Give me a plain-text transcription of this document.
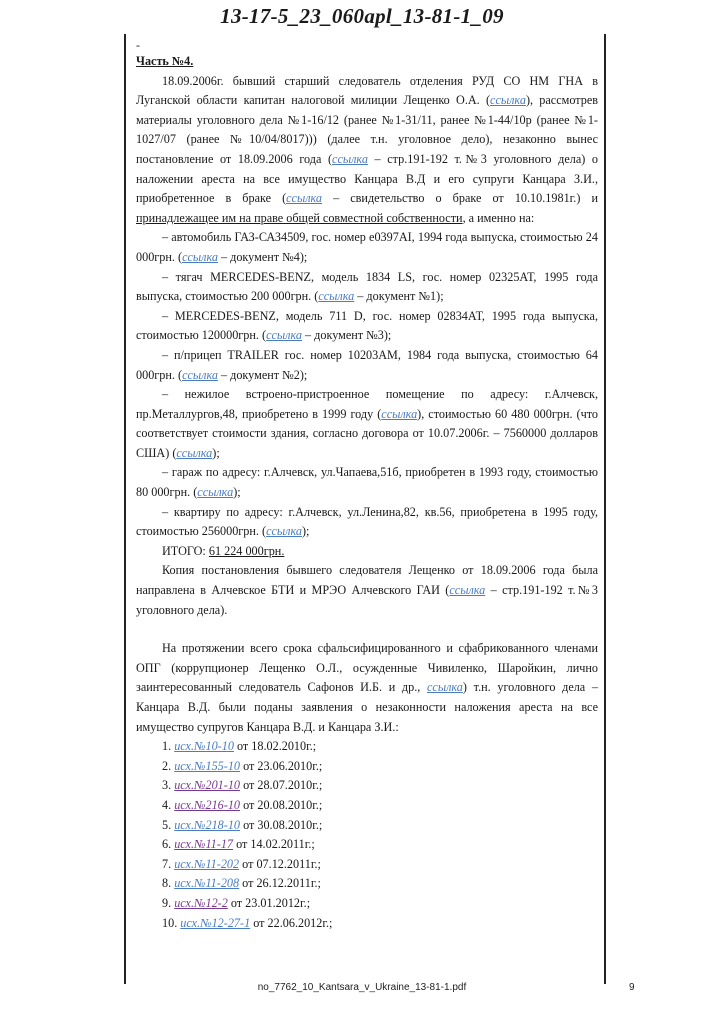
13-17-5_23_060apl_13-81-1_09
-

Часть №4.

18.09.2006г. бывший старший следователь отделения РУД СО НМ ГНА в Луганской области капитан налоговой милиции Лещенко О.А. (ссылка), рассмотрев материалы уголовного дела №1-16/12 (ранее №1-31/11, ранее №1-44/10р (ранее №1-1027/07 (ранее №10/04/8017))) (далее т.н. уголовное дело), незаконно вынес постановление от 18.09.2006 года (ссылка – стр.191-192 т.№3 уголовного дела) о наложении ареста на все имущество Канцара В.Д и его супруги Канцара З.И., приобретенное в браке (ссылка – свидетельство о браке от 10.10.1981г.) и принадлежащее им на праве общей совместной собственности, а именно на:

– автомобиль ГАЗ-САЗ4509, гос. номер е0397АІ, 1994 года выпуска, стоимостью 24 000грн. (ссылка – документ №4);

– тягач MERCEDES-BENZ, модель 1834 LS, гос. номер 02325АТ, 1995 года выпуска, стоимостью 200 000грн. (ссылка – документ №1);

– MERCEDES-BENZ, модель 711 D, гос. номер 02834АТ, 1995 года выпуска, стоимостью 120000грн. (ссылка – документ №3);

– п/прицеп TRAILER гос. номер 10203АМ, 1984 года выпуска, стоимостью 64 000грн. (ссылка – документ №2);

– нежилое встроено-пристроенное помещение по адресу: г.Алчевск, пр.Металлургов,48, приобретено в 1999 году (ссылка), стоимостью 60 480 000грн. (что соответствует стоимости здания, согласно договора от 10.07.2006г. – 7560000 долларов США) (ссылка);

– гараж по адресу: г.Алчевск, ул.Чапаева,51б, приобретен в 1993 году, стоимостью 80 000грн. (ссылка);

– квартиру по адресу: г.Алчевск, ул.Ленина,82, кв.56, приобретена в 1995 году, стоимостью 256000грн. (ссылка);

ИТОГО: 61 224 000грн.

Копия постановления бывшего следователя Лещенко от 18.09.2006 года была направлена в Алчевское БТИ и МРЭО Алчевского ГАИ (ссылка – стр.191-192 т.№3 уголовного дела).

На протяжении всего срока сфальсифицированного и сфабрикованного членами ОПГ (коррупционер Лещенко О.Л., осужденные Чивиленко, Шаройкин, лично заинтересованный следователь Сафонов И.Б. и др., ссылка) т.н. уголовного дела – Канцара В.Д. были поданы заявления о незаконности наложения ареста на все имущество супругов Канцара В.Д. и Канцара З.И.:

1. исх.№10-10 от 18.02.2010г.;
2. исх.№155-10 от 23.06.2010г.;
3. исх.№201-10 от 28.07.2010г.;
4. исх.№216-10 от 20.08.2010г.;
5. исх.№218-10 от 30.08.2010г.;
6. исх.№11-17 от 14.02.2011г.;
7. исх.№11-202 от 07.12.2011г.;
8. исх.№11-208 от 26.12.2011г.;
9. исх.№12-2 от 23.01.2012г.;
10. исх.№12-27-1 от 22.06.2012г.;
no_7762_10_Kantsara_v_Ukraine_13-81-1.pdf	9
